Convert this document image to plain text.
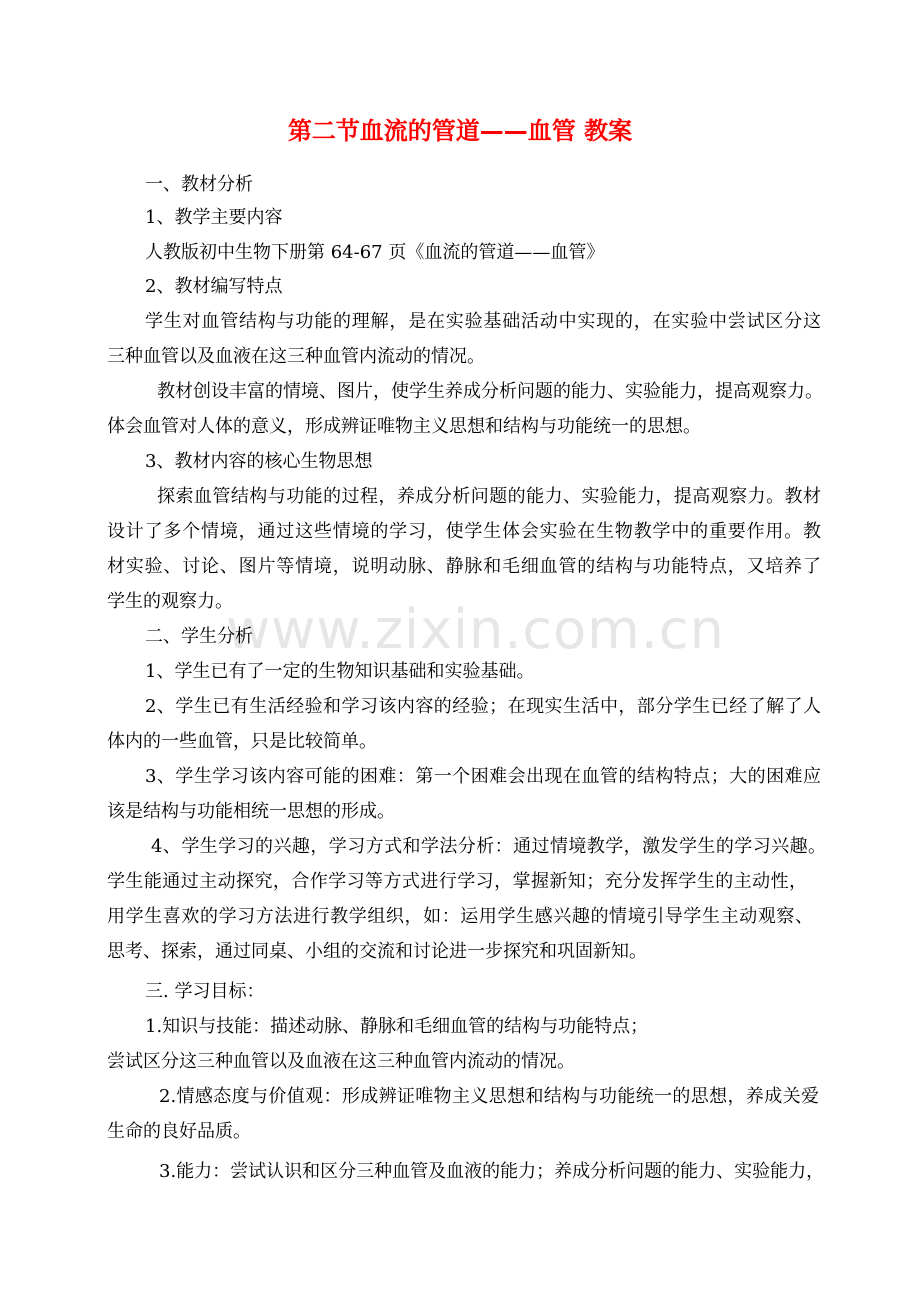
www.zixin.com.cn
第二节血流的管道——血管 教案
一、教材分析
1、教学主要内容
人教版初中生物下册第 64-67 页《血流的管道——血管》
2、教材编写特点
学生对血管结构与功能的理解，是在实验基础活动中实现的，在实验中尝试区分这
三种血管以及血液在这三种血管内流动的情况。
教材创设丰富的情境、图片，使学生养成分析问题的能力、实验能力，提高观察力。
体会血管对人体的意义，形成辨证唯物主义思想和结构与功能统一的思想。
3、教材内容的核心生物思想
探索血管结构与功能的过程，养成分析问题的能力、实验能力，提高观察力。教材
设计了多个情境，通过这些情境的学习，使学生体会实验在生物教学中的重要作用。教
材实验、讨论、图片等情境，说明动脉、静脉和毛细血管的结构与功能特点，又培养了
学生的观察力。
二、学生分析
1、学生已有了一定的生物知识基础和实验基础。
2、学生已有生活经验和学习该内容的经验；在现实生活中，部分学生已经了解了人
体内的一些血管，只是比较简单。
3、学生学习该内容可能的困难：第一个困难会出现在血管的结构特点；大的困难应
该是结构与功能相统一思想的形成。
4、学生学习的兴趣，学习方式和学法分析：通过情境教学，激发学生的学习兴趣。
学生能通过主动探究，合作学习等方式进行学习，掌握新知；充分发挥学生的主动性，
用学生喜欢的学习方法进行教学组织，如：运用学生感兴趣的情境引导学生主动观察、
思考、探索，通过同桌、小组的交流和讨论进一步探究和巩固新知。
三. 学习目标：
1.知识与技能：描述动脉、静脉和毛细血管的结构与功能特点；
尝试区分这三种血管以及血液在这三种血管内流动的情况。
2.情感态度与价值观：形成辨证唯物主义思想和结构与功能统一的思想，养成关爱
生命的良好品质。
3.能力：尝试认识和区分三种血管及血液的能力；养成分析问题的能力、实验能力，
